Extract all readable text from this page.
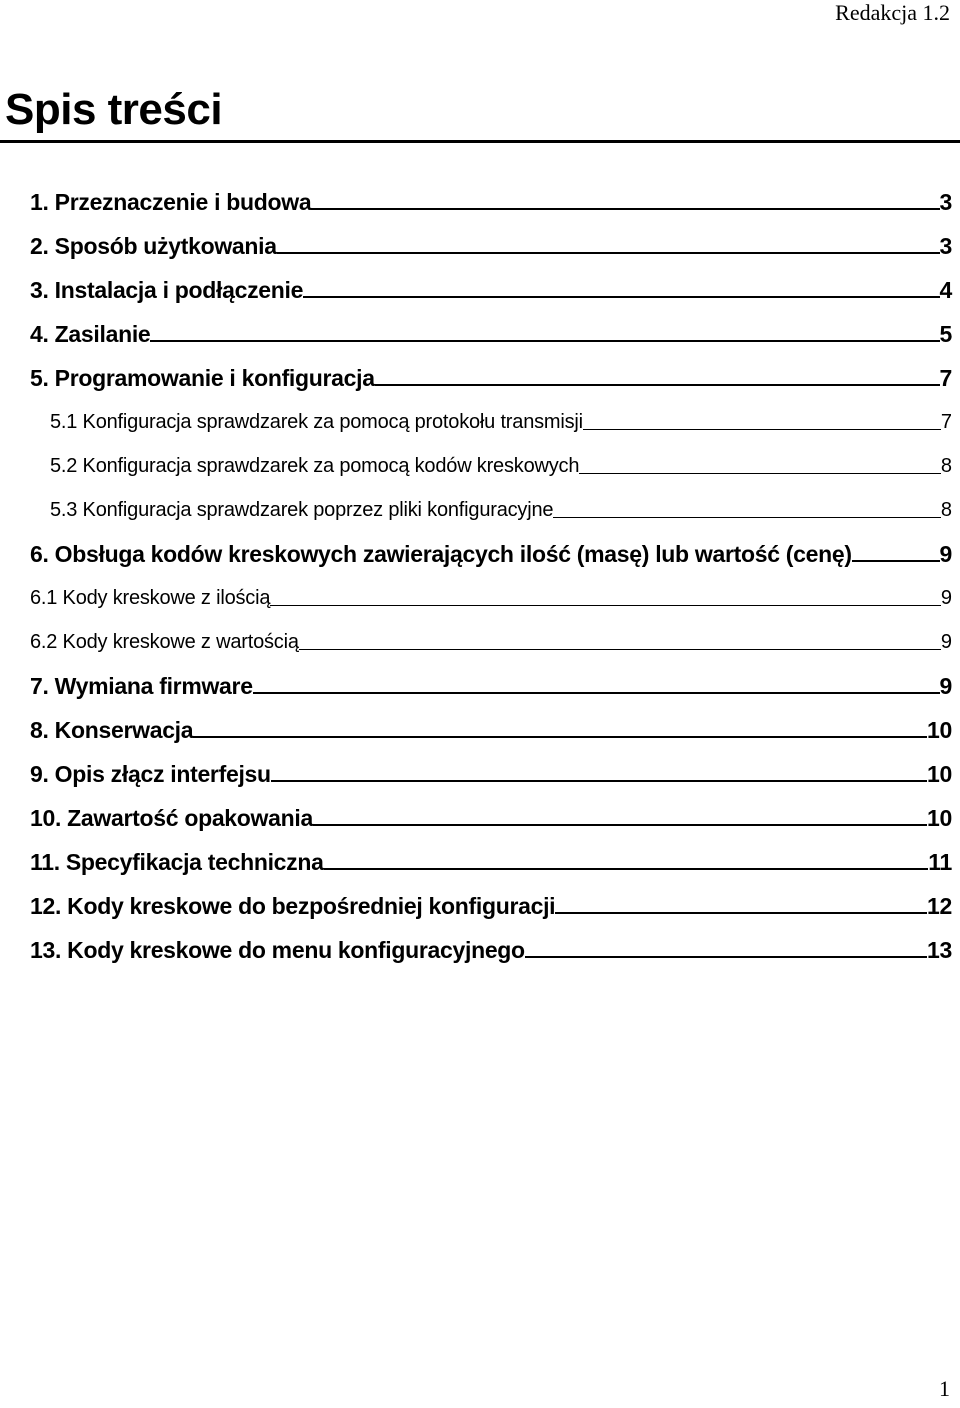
Redakcja 1.2
Spis treści
1. Przeznaczenie i budowa	3
2. Sposób użytkowania	3
3. Instalacja i podłączenie	4
4. Zasilanie	5
5. Programowanie i konfiguracja	7
5.1 Konfiguracja sprawdzarek za pomocą protokołu transmisji	7
5.2 Konfiguracja sprawdzarek za pomocą kodów kreskowych	8
5.3 Konfiguracja sprawdzarek poprzez pliki konfiguracyjne	8
6. Obsługa kodów kreskowych zawierających ilość (masę) lub wartość (cenę)	9
6.1 Kody kreskowe z ilością	9
6.2 Kody kreskowe z wartością	9
7. Wymiana firmware	9
8. Konserwacja	10
9. Opis złącz interfejsu	10
10. Zawartość opakowania	10
11. Specyfikacja techniczna	11
12. Kody kreskowe do bezpośredniej konfiguracji	12
13. Kody kreskowe do menu konfiguracyjnego	13
1
